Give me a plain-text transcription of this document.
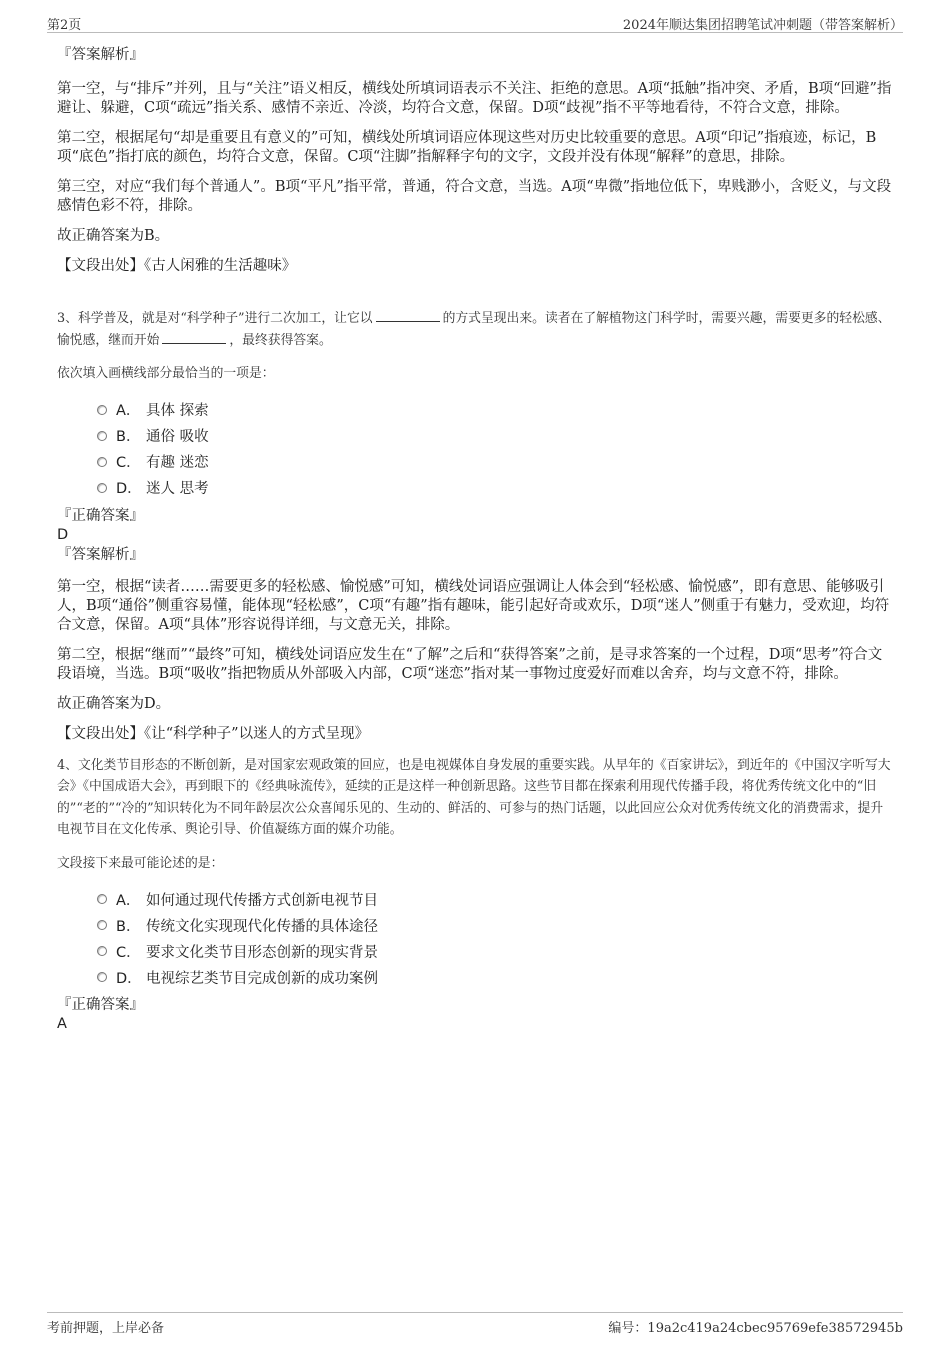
第2页	2024年顺达集团招聘笔试冲刺题（带答案解析）
『答案解析』

第一空，与“排斥”并列，且与“关注”语义相反，横线处所填词语表示不关注、拒绝的意思。A项“抵触”指冲突、矛盾，B项“回避”指避让、躲避，C项“疏远”指关系、感情不亲近、冷淡，均符合文意，保留。D项“歧视”指不平等地看待，不符合文意，排除。

第二空，根据尾句“却是重要且有意义的”可知，横线处所填词语应体现这些对历史比较重要的意思。A项“印记”指痕迹，标记，B项“底色”指打底的颜色，均符合文意，保留。C项“注脚”指解释字句的文字，文段并没有体现“解释”的意思，排除。

第三空，对应“我们每个普通人”。B项“平凡”指平常，普通，符合文意，当选。A项“卑微”指地位低下，卑贱渺小，含贬义，与文段感情色彩不符，排除。

故正确答案为B。

【文段出处】《古人闲雅的生活趣味》

3、科学普及，就是对“科学种子”进行二次加工，让它以	的方式呈现出来。读者在了解植物这门科学时，需要兴趣，需要更多的轻松感、愉悦感，继而开始	，最终获得答案。

依次填入画横线部分最恰当的一项是：

A． 具体 探索
B． 通俗 吸收
C． 有趣 迷恋
D． 迷人 思考
『正确答案』
D
『答案解析』

第一空，根据“读者……需要更多的轻松感、愉悦感”可知，横线处词语应强调让人体会到“轻松感、愉悦感”，即有意思、能够吸引人，B项“通俗”侧重容易懂，能体现“轻松感”，C项“有趣”指有趣味，能引起好奇或欢乐，D项“迷人”侧重于有魅力，受欢迎，均符合文意，保留。A项“具体”形容说得详细，与文意无关，排除。

第二空，根据“继而”“最终”可知，横线处词语应发生在“了解”之后和“获得答案”之前，是寻求答案的一个过程，D项“思考”符合文段语境，当选。B项“吸收”指把物质从外部吸入内部，C项“迷恋”指对某一事物过度爱好而难以舍弃，均与文意不符，排除。

故正确答案为D。

【文段出处】《让“科学种子”以迷人的方式呈现》

4、文化类节目形态的不断创新，是对国家宏观政策的回应，也是电视媒体自身发展的重要实践。从早年的《百家讲坛》，到近年的《中国汉字听写大会》《中国成语大会》，再到眼下的《经典咏流传》，延续的正是这样一种创新思路。这些节目都在探索利用现代传播手段，将优秀传统文化中的“旧的”“老的”“冷的”知识转化为不同年龄层次公众喜闻乐见的、生动的、鲜活的、可参与的热门话题，以此回应公众对优秀传统文化的消费需求，提升电视节目在文化传承、舆论引导、价值凝练方面的媒介功能。

文段接下来最可能论述的是：

A． 如何通过现代传播方式创新电视节目
B． 传统文化实现现代化传播的具体途径
C． 要求文化类节目形态创新的现实背景
D． 电视综艺类节目完成创新的成功案例
『正确答案』
A
考前押题，上岸必备	编号：19a2c419a24cbec95769efe38572945b
